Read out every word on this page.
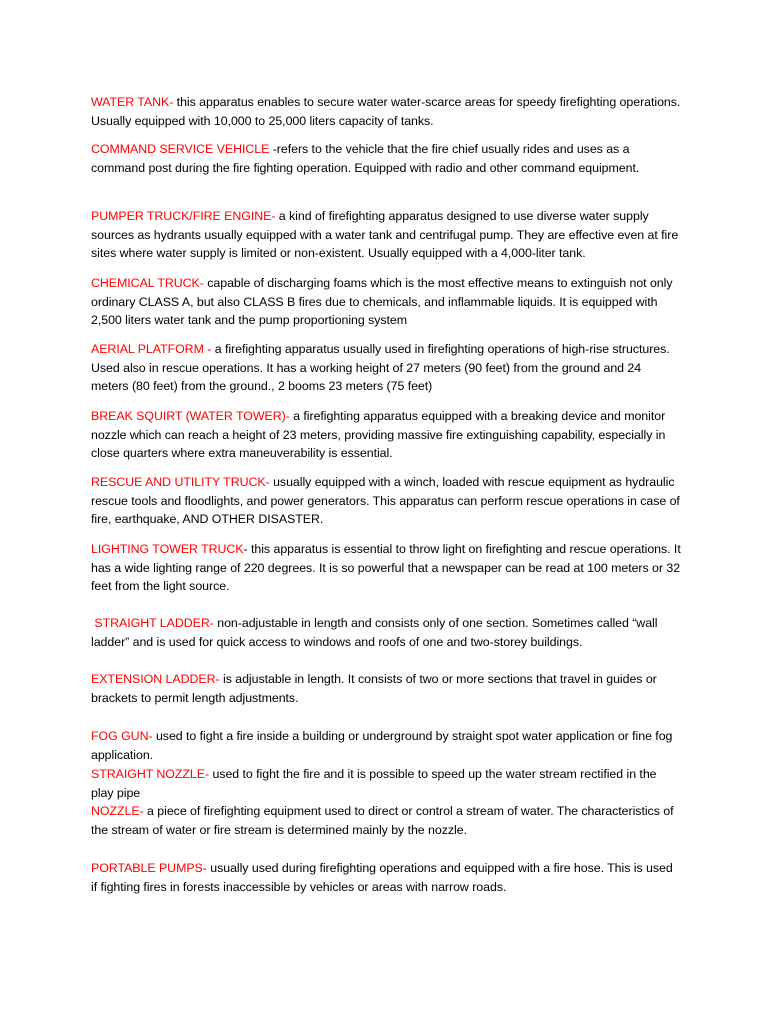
WATER TANK- this apparatus enables to secure water water-scarce areas for speedy firefighting operations. Usually equipped with 10,000 to 25,000 liters capacity of tanks.

COMMAND SERVICE VEHICLE -refers to the vehicle that the fire chief usually rides and uses as a command post during the fire fighting operation. Equipped with radio and other command equipment.

PUMPER TRUCK/FIRE ENGINE- a kind of firefighting apparatus designed to use diverse water supply sources as hydrants usually equipped with a water tank and centrifugal pump. They are effective even at fire sites where water supply is limited or non-existent. Usually equipped with a 4,000-liter tank.

CHEMICAL TRUCK- capable of discharging foams which is the most effective means to extinguish not only ordinary CLASS A, but also CLASS B fires due to chemicals, and inflammable liquids. It is equipped with 2,500 liters water tank and the pump proportioning system

AERIAL PLATFORM - a firefighting apparatus usually used in firefighting operations of high-rise structures. Used also in rescue operations. It has a working height of 27 meters (90 feet) from the ground and 24 meters (80 feet) from the ground., 2 booms 23 meters (75 feet)

BREAK SQUIRT (WATER TOWER)- a firefighting apparatus equipped with a breaking device and monitor nozzle which can reach a height of 23 meters, providing massive fire extinguishing capability, especially in close quarters where extra maneuverability is essential.

RESCUE AND UTILITY TRUCK- usually equipped with a winch, loaded with rescue equipment as hydraulic rescue tools and floodlights, and power generators. This apparatus can perform rescue operations in case of fire, earthquake, AND OTHER DISASTER.

LIGHTING TOWER TRUCK- this apparatus is essential to throw light on firefighting and rescue operations. It has a wide lighting range of 220 degrees. It is so powerful that a newspaper can be read at 100 meters or 32 feet from the light source.

STRAIGHT LADDER- non-adjustable in length and consists only of one section. Sometimes called “wall ladder” and is used for quick access to windows and roofs of one and two-storey buildings.

EXTENSION LADDER- is adjustable in length. It consists of two or more sections that travel in guides or brackets to permit length adjustments.

FOG GUN- used to fight a fire inside a building or underground by straight spot water application or fine fog application.

STRAIGHT NOZZLE- used to fight the fire and it is possible to speed up the water stream rectified in the play pipe

NOZZLE- a piece of firefighting equipment used to direct or control a stream of water. The characteristics of the stream of water or fire stream is determined mainly by the nozzle.

PORTABLE PUMPS- usually used during firefighting operations and equipped with a fire hose. This is used if fighting fires in forests inaccessible by vehicles or areas with narrow roads.
